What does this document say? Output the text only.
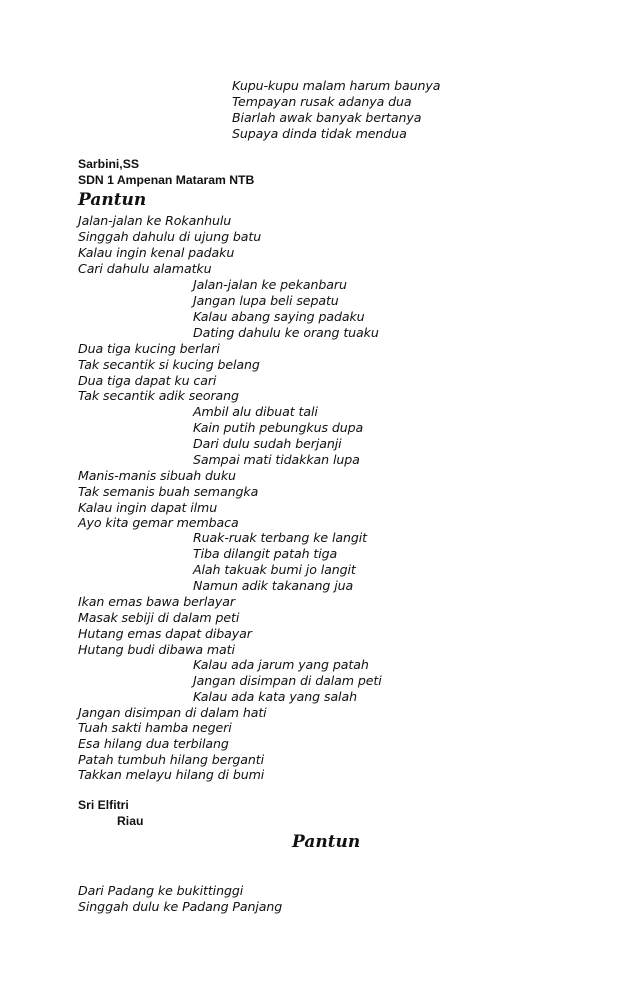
Kupu-kupu malam harum baunya
Tempayan rusak adanya dua
Biarlah awak banyak bertanya
Supaya dinda tidak mendua
Sarbini,SS
SDN 1 Ampenan Mataram NTB
Pantun
Jalan-jalan ke Rokanhulu
Singgah dahulu di ujung batu
Kalau ingin kenal padaku
Cari dahulu alamatku
Jalan-jalan ke pekanbaru
Jangan lupa beli sepatu
Kalau abang saying padaku
Dating dahulu ke orang tuaku
Dua tiga kucing berlari
Tak secantik si kucing belang
Dua tiga dapat ku cari
Tak secantik adik seorang
Ambil alu dibuat tali
Kain putih pebungkus dupa
Dari dulu sudah berjanji
Sampai mati tidakkan lupa
Manis-manis sibuah duku
Tak semanis buah semangka
Kalau ingin dapat ilmu
Ayo kita gemar membaca
Ruak-ruak terbang ke langit
Tiba dilangit patah tiga
Alah takuak bumi jo langit
Namun adik takanang jua
Ikan emas bawa berlayar
Masak sebiji di dalam peti
Hutang emas dapat dibayar
Hutang budi dibawa mati
Kalau ada jarum yang patah
Jangan disimpan di dalam peti
Kalau ada kata yang salah
Jangan disimpan di dalam hati
Tuah sakti hamba negeri
Esa hilang dua terbilang
Patah tumbuh hilang berganti
Takkan melayu hilang di bumi
Sri Elfitri
Riau
Pantun
Dari Padang ke bukittinggi
Singgah dulu ke Padang Panjang
